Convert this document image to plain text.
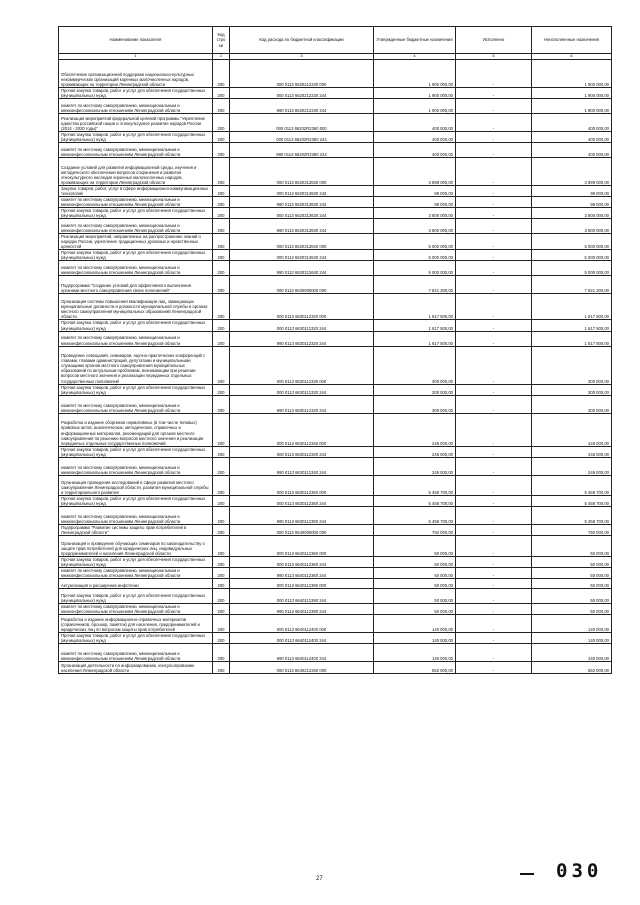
Наименование показателя	Код стро ки	Код расхода по бюджетной классификации	Утвержденные бюджетные назначения	Исполнено	Неисполненные назначения
1	2	3	4	5	6
Обеспечение организационной поддержки национально-культурных некоммерческих организаций коренных малочисленных народов, проживающих на территории Ленинградской области	200	000 0113 6620212230 000	1 900 000,00	-	1 900 000,00
Прочая закупка товаров, работ и услуг для обеспечения государственных (муниципальных) нужд	200	000 0113 6620212230 244	1 900 000,00	-	1 900 000,00
комитет по местному самоуправлению, межнациональным и межконфессиональным отношениям Ленинградской области	200	990 0113 6620212230 244	1 900 000,00	-	1 900 000,00
Реализация мероприятий федеральной целевой программы "Укрепление единства российской нации и этнокультурное развитие народов России (2014 - 2020 годы)"	200	000 0113 66202R2360 000	400 000,00	-	400 000,00
Прочая закупка товаров, работ и услуг для обеспечения государственных (муниципальных) нужд	200	000 0113 66202R2360 244	400 000,00	-	400 000,00
комитет по местному самоуправлению, межнациональным и межконфессиональным отношениям Ленинградской области	200	990 0113 66202R2360 244	400 000,00	-	400 000,00
Создание условий для развития информационной среды, изучения и методического обеспечения вопросов сохранения и развития этнокультурного наследия коренных малочисленных народов, проживающих на территории Ленинградской области	200	000 0113 6620313630 000	3 899 000,00	-	3 899 000,00
Закупка товаров, работ, услуг в сфере информационно-коммуникационных технологий	200	000 0113 6620313630 242	99 000,00	-	99 000,00
комитет по местному самоуправлению, межнациональным и межконфессиональным отношениям Ленинградской области	200	990 0113 6620313630 242	99 000,00	-	99 000,00
Прочая закупка товаров, работ и услуг для обеспечения государственных (муниципальных) нужд	200	000 0113 6620313630 244	3 800 000,00	-	3 800 000,00
комитет по местному самоуправлению, межнациональным и межконфессиональным отношениям Ленинградской области	200	990 0113 6620313630 244	3 800 000,00	-	3 800 000,00
Реализация мероприятий, направленных на распространение знаний о народах России, укрепление традиционных духовных и нравственных ценностей	200	000 0113 6620313640 000	5 000 000,00	-	5 000 000,00
Прочая закупка товаров, работ и услуг для обеспечения государственных (муниципальных) нужд	200	000 0113 6620313640 244	5 000 000,00	-	5 000 000,00
комитет по местному самоуправлению, межнациональным и межконфессиональным отношениям Ленинградской области	200	990 0113 6620313640 244	5 000 000,00	-	5 000 000,00
Подпрограмма "Создание условий для эффективного выполнения органами местного самоуправления своих полномочий"	200	000 0113 6630000000 000	7 821 200,00	-	7 821 200,00
Организация системы повышения квалификации лиц, замещающих муниципальные должности и должности муниципальной службы в органах местного самоуправления муниципальных образований Ленинградской области	200	000 0113 6630112320 000	1 617 500,00	-	1 617 500,00
Прочая закупка товаров, работ и услуг для обеспечения государственных (муниципальных) нужд	200	000 0113 6630112320 244	1 617 500,00	-	1 617 500,00
комитет по местному самоуправлению, межнациональным и межконфессиональным отношениям Ленинградской области	200	990 0113 6630112320 244	1 617 500,00	-	1 617 500,00
Проведение совещаний, семинаров, научно-практических конференций с главами, главами администраций, депутатами и муниципальными служащими органов местного самоуправления муниципальных образований по актуальным проблемам, возникающим при решении вопросов местного значения и реализации переданных отдельных государственных полномочий	200	000 0113 6630112330 000	300 000,00	-	300 000,00
Прочая закупка товаров, работ и услуг для обеспечения государственных (муниципальных) нужд	200	000 0113 6630112330 244	300 000,00	-	300 000,00
комитет по местному самоуправлению, межнациональным и межконфессиональным отношениям Ленинградской области	200	990 0113 6630112330 244	300 000,00	-	300 000,00
Разработка и издание сборников нормативных (в том числе типовых) правовых актов, аналитических, методических, справочных и информационных материалов, рекомендаций для органов местного самоуправления по решению вопросов местного значения и реализации переданных отдельных государственных полномочий	200	000 0113 6630112340 000	246 000,00	-	246 000,00
Прочая закупка товаров, работ и услуг для обеспечения государственных (муниципальных) нужд	200	000 0113 6630112340 244	246 000,00	-	246 000,00
комитет по местному самоуправлению, межнациональным и межконфессиональным отношениям Ленинградской области	200	990 0113 6630112340 244	246 000,00	-	246 000,00
Организация проведения исследований в сфере развития местного самоуправления Ленинградской области, развития муниципальной службы и территориального развития	200	000 0113 6630112350 000	5 458 700,00	-	5 458 700,00
Прочая закупка товаров, работ и услуг для обеспечения государственных (муниципальных) нужд	200	000 0113 6630112350 244	5 458 700,00	-	5 458 700,00
комитет по местному самоуправлению, межнациональным и межконфессиональным отношениям Ленинградской области	200	990 0113 6630112350 244	5 458 700,00	-	5 458 700,00
Подпрограмма "Развитие системы защиты прав потребителей в Ленинградской области"	200	000 0113 6640000000 000	792 000,00	-	792 000,00
Организация и проведение обучающих семинаров по законодательству о защите прав потребителей для юридических лиц, индивидуальных предпринимателей и населения Ленинградской области	200	000 0113 6640112360 000	50 000,00	-	50 000,00
Прочая закупка товаров, работ и услуг для обеспечения государственных (муниципальных) нужд	200	000 0113 6640112360 244	50 000,00	-	50 000,00
комитет по местному самоуправлению, межнациональным и межконфессиональным отношениям Ленинградской области	200	990 0113 6640112360 244	50 000,00	-	50 000,00
Актуализация и расширение инфоточки	200	000 0113 6640112390 000	50 000,00	-	50 000,00
Прочая закупка товаров, работ и услуг для обеспечения государственных (муниципальных) нужд	200	000 0113 6640112390 244	50 000,00	-	50 000,00
комитет по местному самоуправлению, межнациональным и межконфессиональным отношениям Ленинградской области	200	990 0113 6640112390 244	50 000,00	-	50 000,00
Разработка и издание информационно-справочных материалов (справочников, брошюр, памяток) для населения, предпринимателей и юридических лиц по вопросам защиты прав потребителей	200	000 0113 6640112400 000	140 000,00	-	140 000,00
Прочая закупка товаров, работ и услуг для обеспечения государственных (муниципальных) нужд	200	000 0113 6640112400 244	140 000,00	-	140 000,00
комитет по местному самоуправлению, межнациональным и межконфессиональным отношениям Ленинградской области	200	990 0113 6640112400 244	140 000,00	-	140 000,00
Организация деятельности по информированию, консультированию населения Ленинградской области	200	000 0113 6640212250 000	552 000,00	-	552 000,00
27	030
